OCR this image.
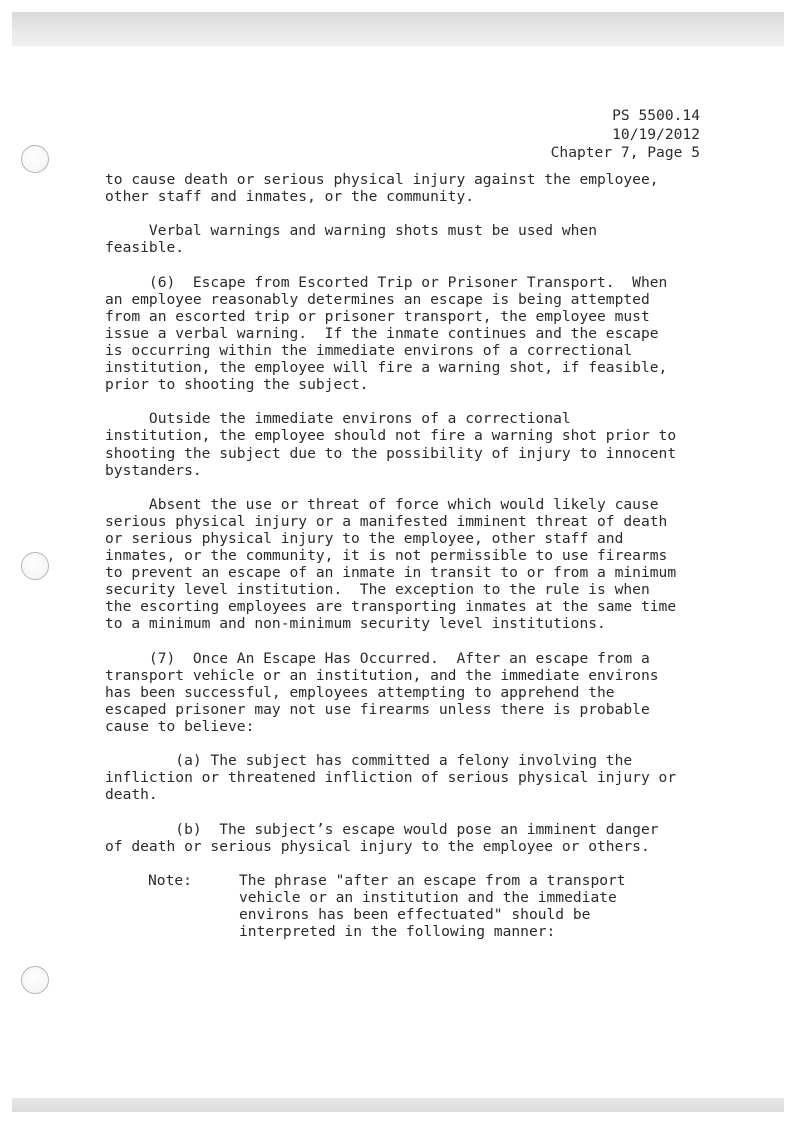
PS 5500.14
10/19/2012
Chapter 7, Page 5
to cause death or serious physical injury against the employee,
other staff and inmates, or the community.
Verbal warnings and warning shots must be used when
feasible.
(6)  Escape from Escorted Trip or Prisoner Transport.  When
an employee reasonably determines an escape is being attempted
from an escorted trip or prisoner transport, the employee must
issue a verbal warning.  If the inmate continues and the escape
is occurring within the immediate environs of a correctional
institution, the employee will fire a warning shot, if feasible,
prior to shooting the subject.
Outside the immediate environs of a correctional
institution, the employee should not fire a warning shot prior to
shooting the subject due to the possibility of injury to innocent
bystanders.
Absent the use or threat of force which would likely cause
serious physical injury or a manifested imminent threat of death
or serious physical injury to the employee, other staff and
inmates, or the community, it is not permissible to use firearms
to prevent an escape of an inmate in transit to or from a minimum
security level institution.  The exception to the rule is when
the escorting employees are transporting inmates at the same time
to a minimum and non-minimum security level institutions.
(7)  Once An Escape Has Occurred.  After an escape from a
transport vehicle or an institution, and the immediate environs
has been successful, employees attempting to apprehend the
escaped prisoner may not use firearms unless there is probable
cause to believe:
(a) The subject has committed a felony involving the
infliction or threatened infliction of serious physical injury or
death.
(b)  The subject’s escape would pose an imminent danger
of death or serious physical injury to the employee or others.
Note:	The phrase "after an escape from a transport
vehicle or an institution and the immediate
environs has been effectuated" should be
interpreted in the following manner:
